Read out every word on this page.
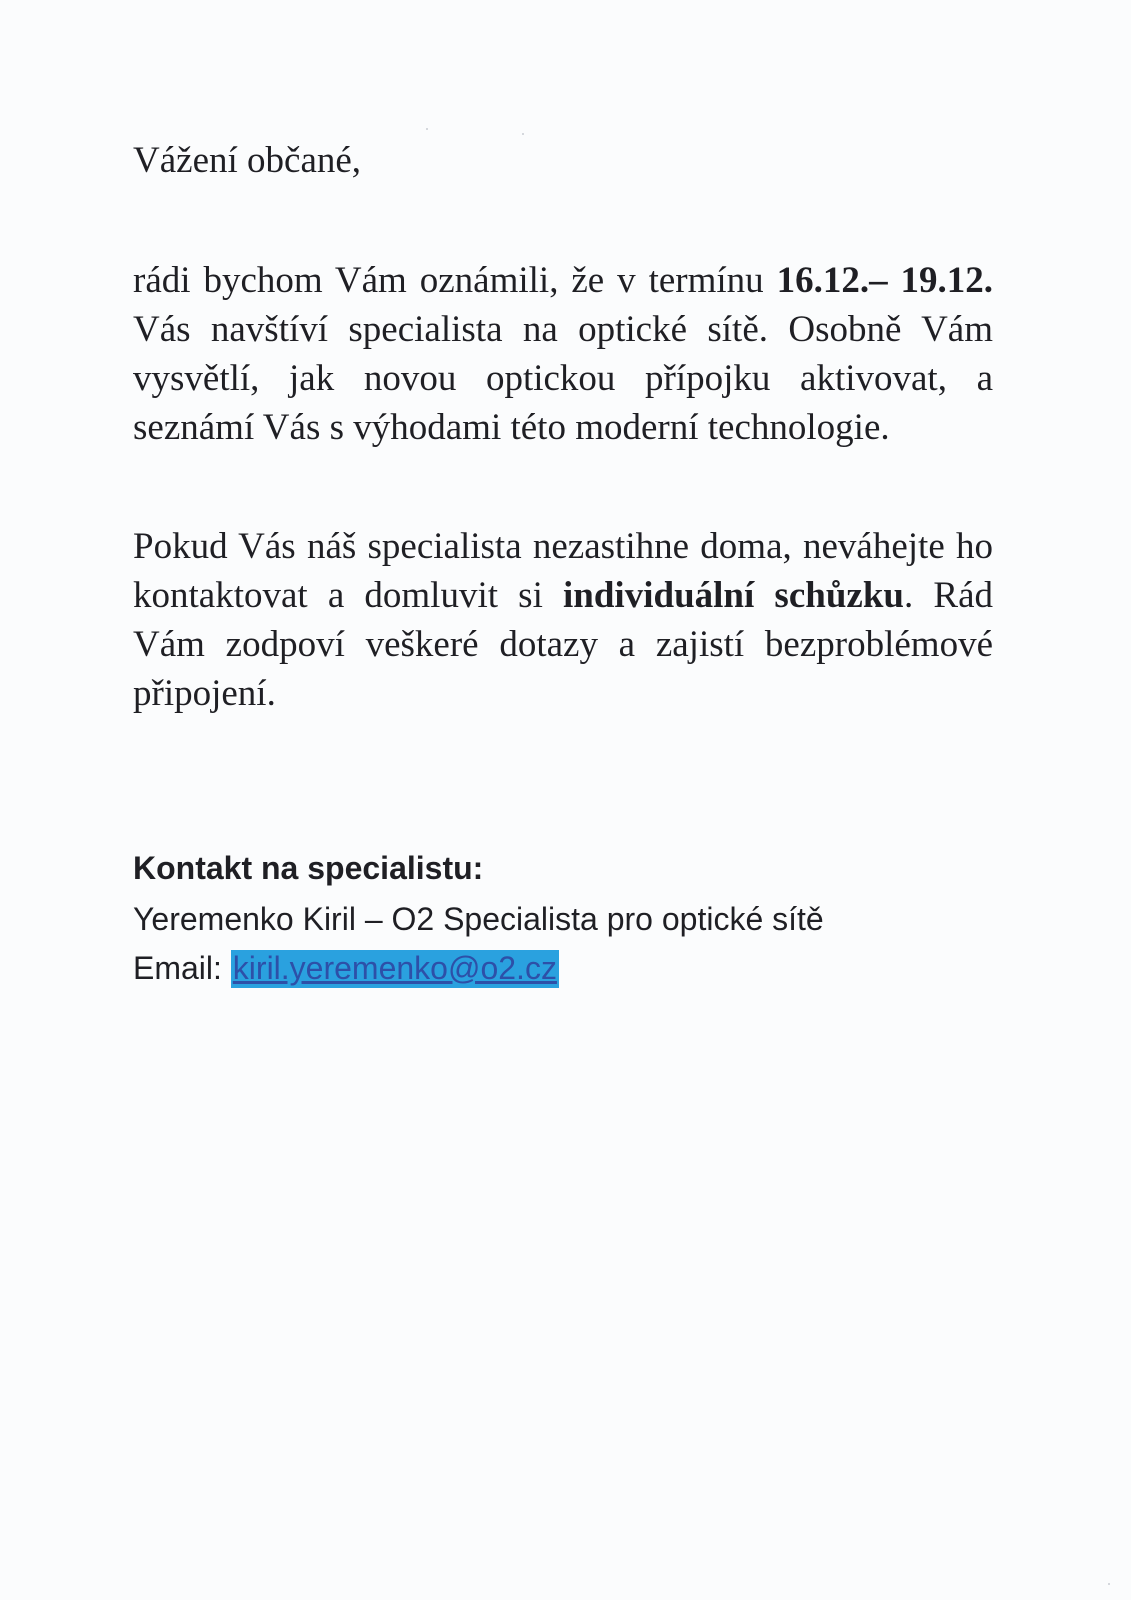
Vážení občané,

rádi bychom Vám oznámili, že v termínu 16.12.– 19.12. Vás navštíví specialista na optické sítě. Osobně Vám vysvětlí, jak novou optickou přípojku aktivovat, a seznámí Vás s výhodami této moderní technologie.

Pokud Vás náš specialista nezastihne doma, neváhejte ho kontaktovat a domluvit si individuální schůzku. Rád Vám zodpoví veškeré dotazy a zajistí bezproblémové připojení.

Kontakt na specialistu:

Yeremenko Kiril – O2 Specialista pro optické sítě

Email: kiril.yeremenko@o2.cz
